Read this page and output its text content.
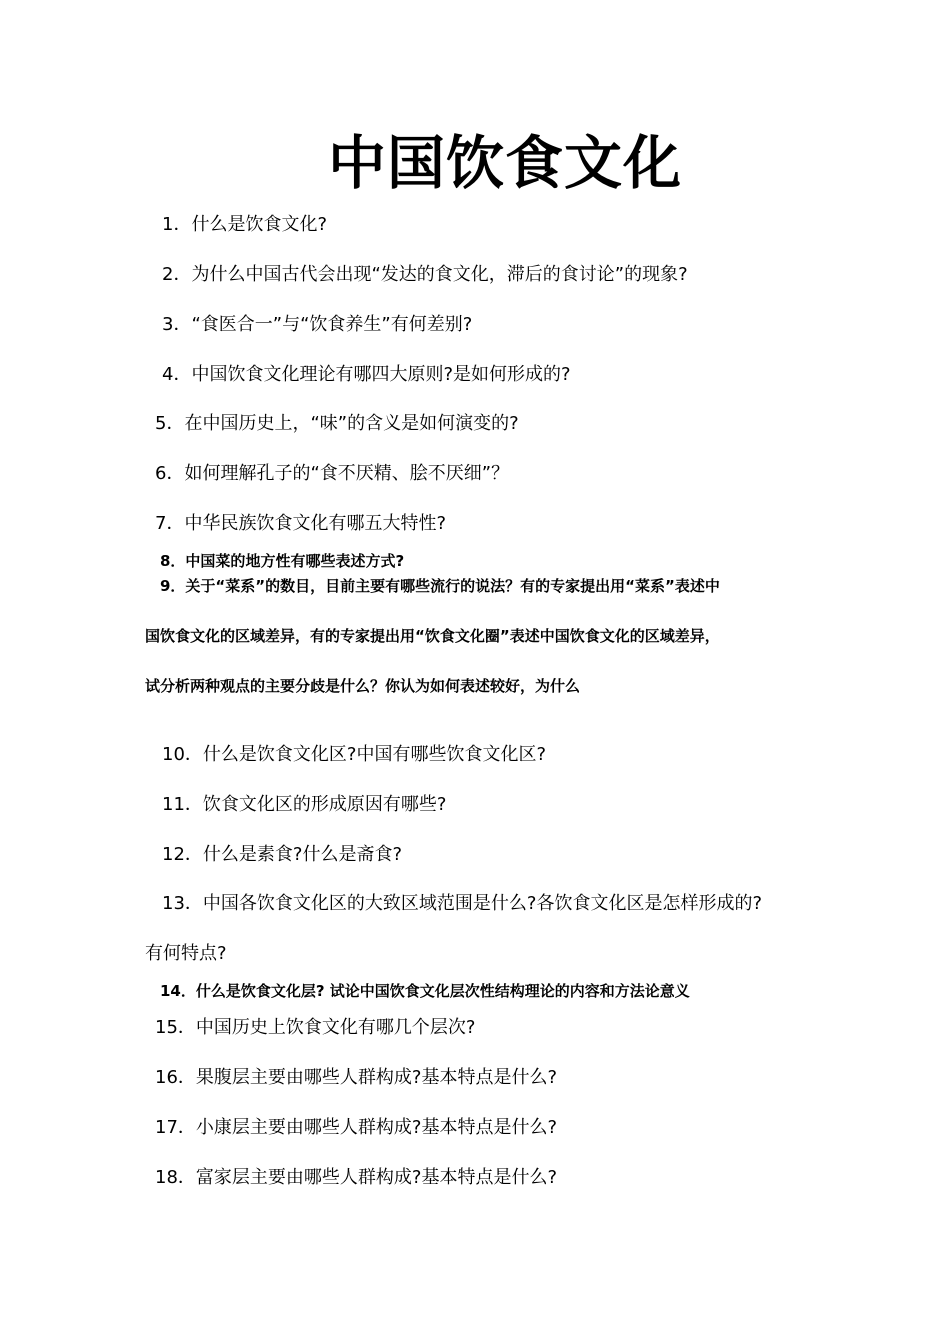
中国饮食文化
1．什么是饮食文化?
2．为什么中国古代会出现“发达的食文化，滞后的食讨论”的现象?
3．“食医合一”与“饮食养生”有何差别?
4．中国饮食文化理论有哪四大原则?是如何形成的?
5．在中国历史上，“味”的含义是如何演变的?
6．如何理解孔子的“食不厌精、脍不厌细”？
7．中华民族饮食文化有哪五大特性?
8．中国菜的地方性有哪些表述方式?
9．关于“菜系”的数目，目前主要有哪些流行的说法？有的专家提出用“菜系”表述中
国饮食文化的区域差异，有的专家提出用“饮食文化圈”表述中国饮食文化的区域差异，
试分析两种观点的主要分歧是什么？你认为如何表述较好，为什么
10．什么是饮食文化区?中国有哪些饮食文化区?
11．饮食文化区的形成原因有哪些?
12．什么是素食?什么是斋食?
13．中国各饮食文化区的大致区域范围是什么?各饮食文化区是怎样形成的?
有何特点?
14．什么是饮食文化层? 试论中国饮食文化层次性结构理论的内容和方法论意义
15．中国历史上饮食文化有哪几个层次?
16．果腹层主要由哪些人群构成?基本特点是什么?
17．小康层主要由哪些人群构成?基本特点是什么?
18．富家层主要由哪些人群构成?基本特点是什么?
